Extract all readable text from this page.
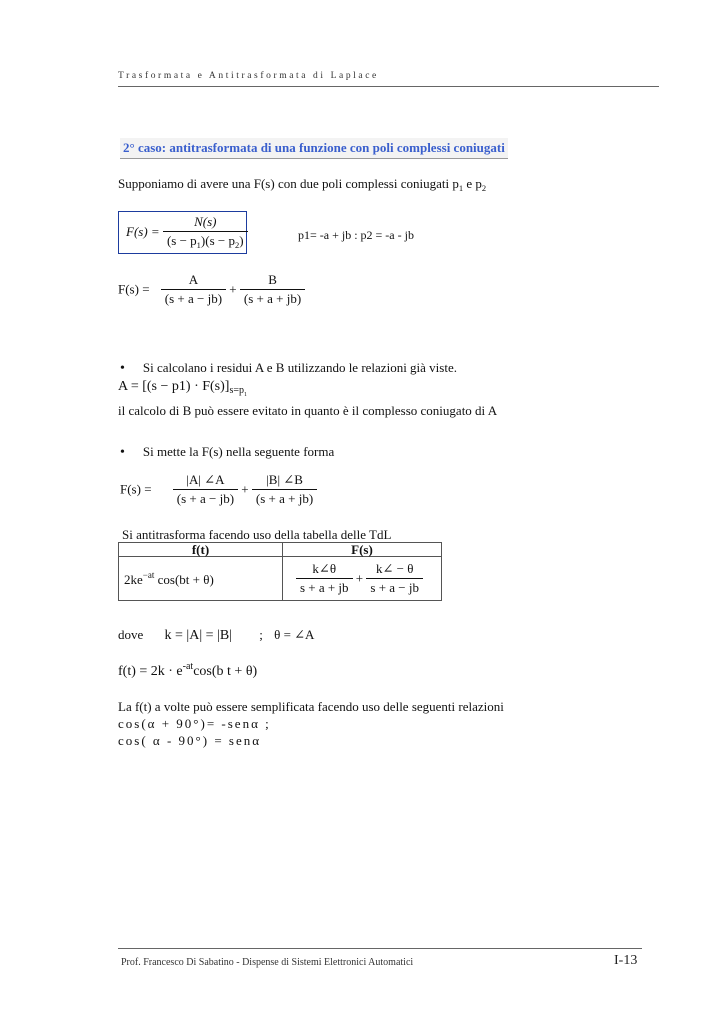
Trasformata e Antitrasformata di Laplace
2° caso: antitrasformata di una funzione con poli complessi coniugati
Supponiamo di avere una F(s) con due poli complessi coniugati $p_1$ e $p_2$
$F(s) = \frac{N(s)}{(s - p_1)(s - p_2)}$	p1= -a + jb : p2 = -a - jb
$F(s) = \frac{A}{(s + a - jb)} + \frac{B}{(s + a + jb)}$
• Si calcolano i residui A e B utilizzando le relazioni già viste.
$A = [(s - p1) \cdot F(s)]_{s=p1}$
il calcolo di B può essere evitato in quanto è il complesso coniugato di A
• Si mette la F(s) nella seguente forma
$F(s) = \frac{|A| \angle A}{(s + a - jb)} + \frac{|B| \angle B}{(s + a + jb)}$
Si antitrasforma facendo uso della tabella delle TdL
f(t)	F(s)
$2ke^{-at}$ cos(bt + θ)	$\frac{k\angle\theta}{s + a + jb} + \frac{k\angle - \theta}{s + a - jb}$
dove k = |A| = |B| ; θ = ∠A
$f(t) = 2k \cdot e^{-at}\cos(b$ t + θ)
La f(t) a volte può essere semplificata facendo uso delle seguenti relazioni
cos(α + 90°)= -senα ;
cos( α - 90°) = senα
Prof. Francesco Di Sabatino - Dispense di Sistemi Elettronici Automatici	I-13
